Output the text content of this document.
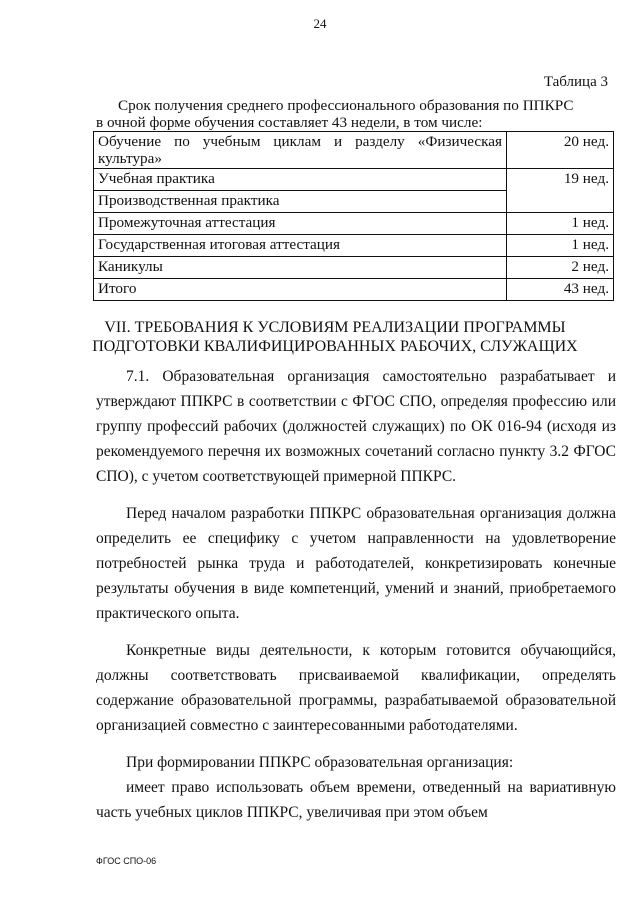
24
Таблица 3
Срок получения среднего профессионального образования по ППКРС
в очной форме обучения составляет 43 недели, в том числе:
Обучение по учебным циклам и разделу «Физическая культура»	20 нед.
Учебная практика	19 нед.
Производственная практика	
Промежуточная аттестация	1 нед.
Государственная итоговая аттестация	1 нед.
Каникулы	2 нед.
Итого	43 нед.
VII. ТРЕБОВАНИЯ К УСЛОВИЯМ РЕАЛИЗАЦИИ ПРОГРАММЫ
ПОДГОТОВКИ КВАЛИФИЦИРОВАННЫХ РАБОЧИХ, СЛУЖАЩИХ

7.1. Образовательная организация самостоятельно разрабатывает и утверждают ППКРС в соответствии с ФГОС СПО, определяя профессию или группу профессий рабочих (должностей служащих) по ОК 016-94 (исходя из рекомендуемого перечня их возможных сочетаний согласно пункту 3.2 ФГОС СПО), с учетом соответствующей примерной ППКРС.

Перед началом разработки ППКРС образовательная организация должна определить ее специфику с учетом направленности на удовлетворение потребностей рынка труда и работодателей, конкретизировать конечные результаты обучения в виде компетенций, умений и знаний, приобретаемого практического опыта.

Конкретные виды деятельности, к которым готовится обучающийся, должны соответствовать присваиваемой квалификации, определять содержание образовательной программы, разрабатываемой образовательной организацией совместно с заинтересованными работодателями.

При формировании ППКРС образовательная организация:

имеет право использовать объем времени, отведенный на вариативную часть учебных циклов ППКРС, увеличивая при этом объем

ФГОС СПО-06
